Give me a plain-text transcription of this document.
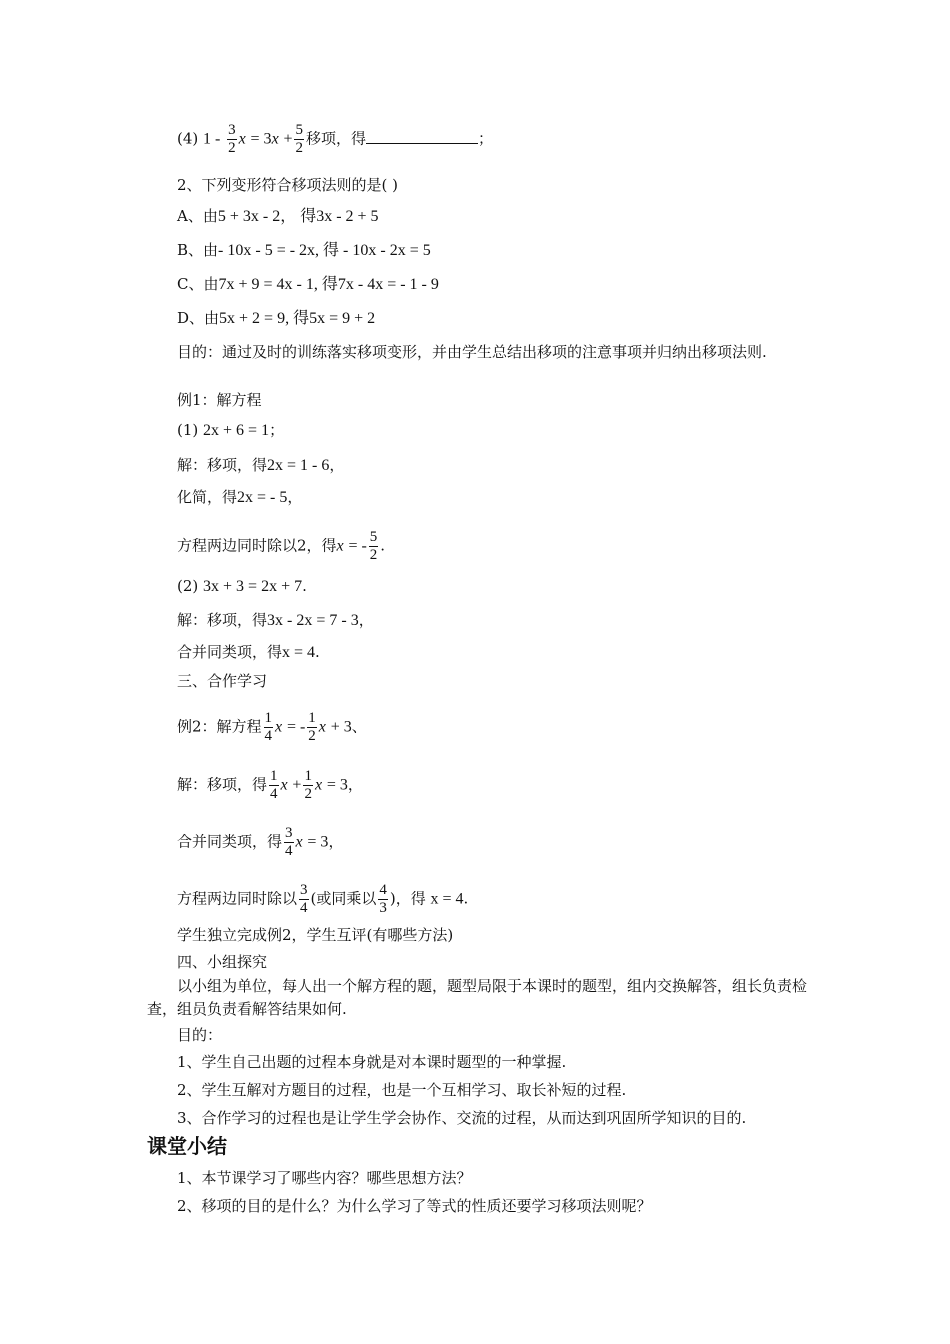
(4) $1 - \frac{3}{2}$ $x = 3x + \frac{5}{2}$ 移项，得	；
2、下列变形符合移项法则的是( )
A、由5 + 3x - 2， 得3x - 2 + 5
B、由- 10x - 5 = - 2x, 得 - 10x - 2x = 5
C、由7x + 9 = 4x - 1, 得7x - 4x = - 1 - 9
D、由5x + 2 = 9, 得5x = 9 + 2
目的：通过及时的训练落实移项变形，并由学生总结出移项的注意事项并归纳出移项法则.
例1：解方程
(1) 2x + 6 = 1；
解：移项，得2x = 1 - 6，
化简，得2x = - 5，
方程两边同时除以2，得x = - $\frac{5}{2}$ .
(2) 3x + 3 = 2x + 7.
解：移项，得3x - 2x = 7 - 3，
合并同类项，得x = 4.
三、合作学习
例2：解方程 $\frac{1}{4}$ x = - $\frac{1}{2}$ x + 3、
解：移项，得 $\frac{1}{4}$ $x + \frac{1}{2}$ x = 3，
合并同类项，得 $\frac{3}{4}$ x = 3，
方程两边同时除以 $\frac{3}{4}$ (或同乘以 $\frac{4}{3}$ )，得 x = 4.
学生独立完成例2，学生互评(有哪些方法)
四、小组探究
以小组为单位，每人出一个解方程的题，题型局限于本课时的题型，组内交换解答，组长负责检查，组员负责看解答结果如何.
目的：
1、学生自己出题的过程本身就是对本课时题型的一种掌握.
2、学生互解对方题目的过程，也是一个互相学习、取长补短的过程.
3、合作学习的过程也是让学生学会协作、交流的过程，从而达到巩固所学知识的目的.
课堂小结
1、本节课学习了哪些内容？哪些思想方法？
2、移项的目的是什么？为什么学习了等式的性质还要学习移项法则呢？
